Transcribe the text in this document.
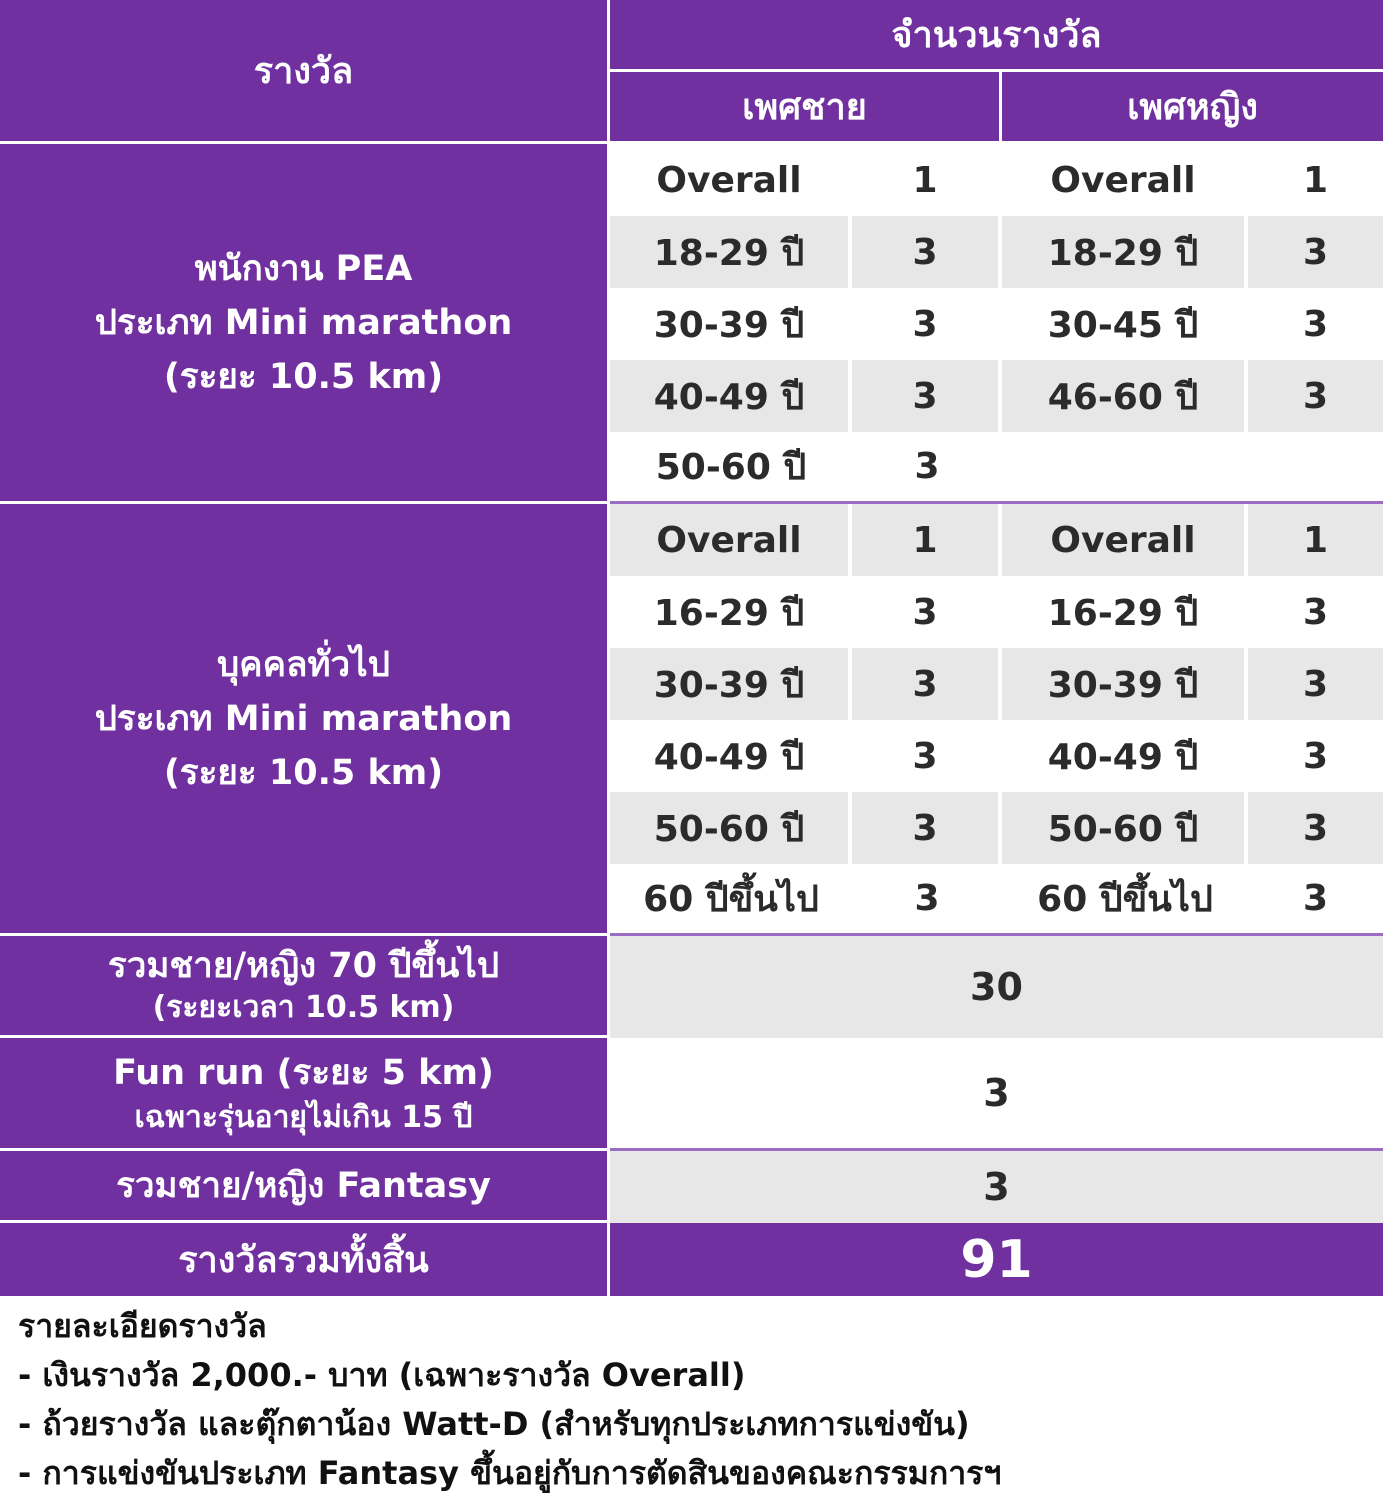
รางวัล
จำนวนรางวัล
เพศชาย	เพศหญิง
พนักงาน PEA
ประเภท Mini marathon
(ระยะ 10.5 km)
Overall	1	Overall	1
18-29 ปี	3	18-29 ปี	3
30-39 ปี	3	30-45 ปี	3
40-49 ปี	3	46-60 ปี	3
50-60 ปี	3
บุคคลทั่วไป
ประเภท Mini marathon
(ระยะ 10.5 km)
Overall	1	Overall	1
16-29 ปี	3	16-29 ปี	3
30-39 ปี	3	30-39 ปี	3
40-49 ปี	3	40-49 ปี	3
50-60 ปี	3	50-60 ปี	3
60 ปีขึ้นไป	3	60 ปีขึ้นไป	3
รวมชาย/หญิง 70 ปีขึ้นไป
(ระยะเวลา 10.5 km)	30
Fun run (ระยะ 5 km)
เฉพาะรุ่นอายุไม่เกิน 15 ปี
3
รวมชาย/หญิง Fantasy	3
รางวัลรวมทั้งสิ้น	91
รายละเอียดรางวัล
- เงินรางวัล 2,000.- บาท (เฉพาะรางวัล Overall)
- ถ้วยรางวัล และตุ๊กตาน้อง Watt-D (สำหรับทุกประเภทการแข่งขัน)
- การแข่งขันประเภท Fantasy ขึ้นอยู่กับการตัดสินของคณะกรรมการฯ
